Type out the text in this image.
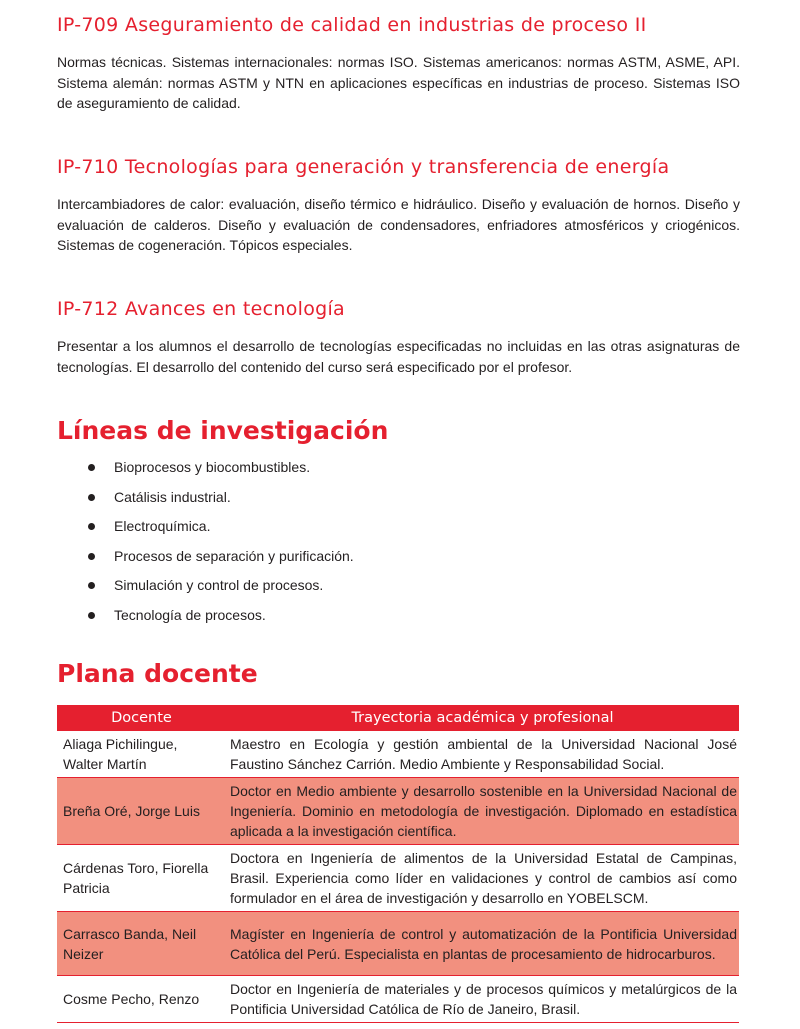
IP-709 Aseguramiento de calidad en industrias de proceso II

Normas técnicas. Sistemas internacionales: normas ISO. Sistemas americanos: normas ASTM, ASME, API. Sistema alemán: normas ASTM y NTN en aplicaciones específicas en industrias de proceso. Sistemas ISO de aseguramiento de calidad.

IP-710 Tecnologías para generación y transferencia de energía

Intercambiadores de calor: evaluación, diseño térmico e hidráulico. Diseño y evaluación de hornos. Diseño y evaluación de calderos. Diseño y evaluación de condensadores, enfriadores atmosféricos y criogénicos. Sistemas de cogeneración. Tópicos especiales.

IP-712 Avances en tecnología

Presentar a los alumnos el desarrollo de tecnologías especificadas no incluidas en las otras asignaturas de tecnologías. El desarrollo del contenido del curso será especificado por el profesor.

Líneas de investigación
Bioprocesos y biocombustibles.
Catálisis industrial.
Electroquímica.
Procesos de separación y purificación.
Simulación y control de procesos.
Tecnología de procesos.
Plana docente
Docente	Trayectoria académica y profesional
Aliaga Pichilingue, Walter Martín	Maestro en Ecología y gestión ambiental de la Universidad Nacional José Faustino Sánchez Carrión. Medio Ambiente y Responsabilidad Social.
Breña Oré, Jorge Luis	Doctor en Medio ambiente y desarrollo sostenible en la Universidad Nacional de Ingeniería. Dominio en metodología de investigación. Diplomado en estadística aplicada a la investigación científica.
Cárdenas Toro, Fiorella Patricia	Doctora en Ingeniería de alimentos de la Universidad Estatal de Campinas, Brasil. Experiencia como líder en validaciones y control de cambios así como formulador en el área de investigación y desarrollo en YOBELSCM.
Carrasco Banda, Neil Neizer	Magíster en Ingeniería de control y automatización de la Pontificia Universidad Católica del Perú. Especialista en plantas de procesamiento de hidrocarburos.
Cosme Pecho, Renzo	Doctor en Ingeniería de materiales y de procesos químicos y metalúrgicos de la Pontificia Universidad Católica de Río de Janeiro, Brasil.
